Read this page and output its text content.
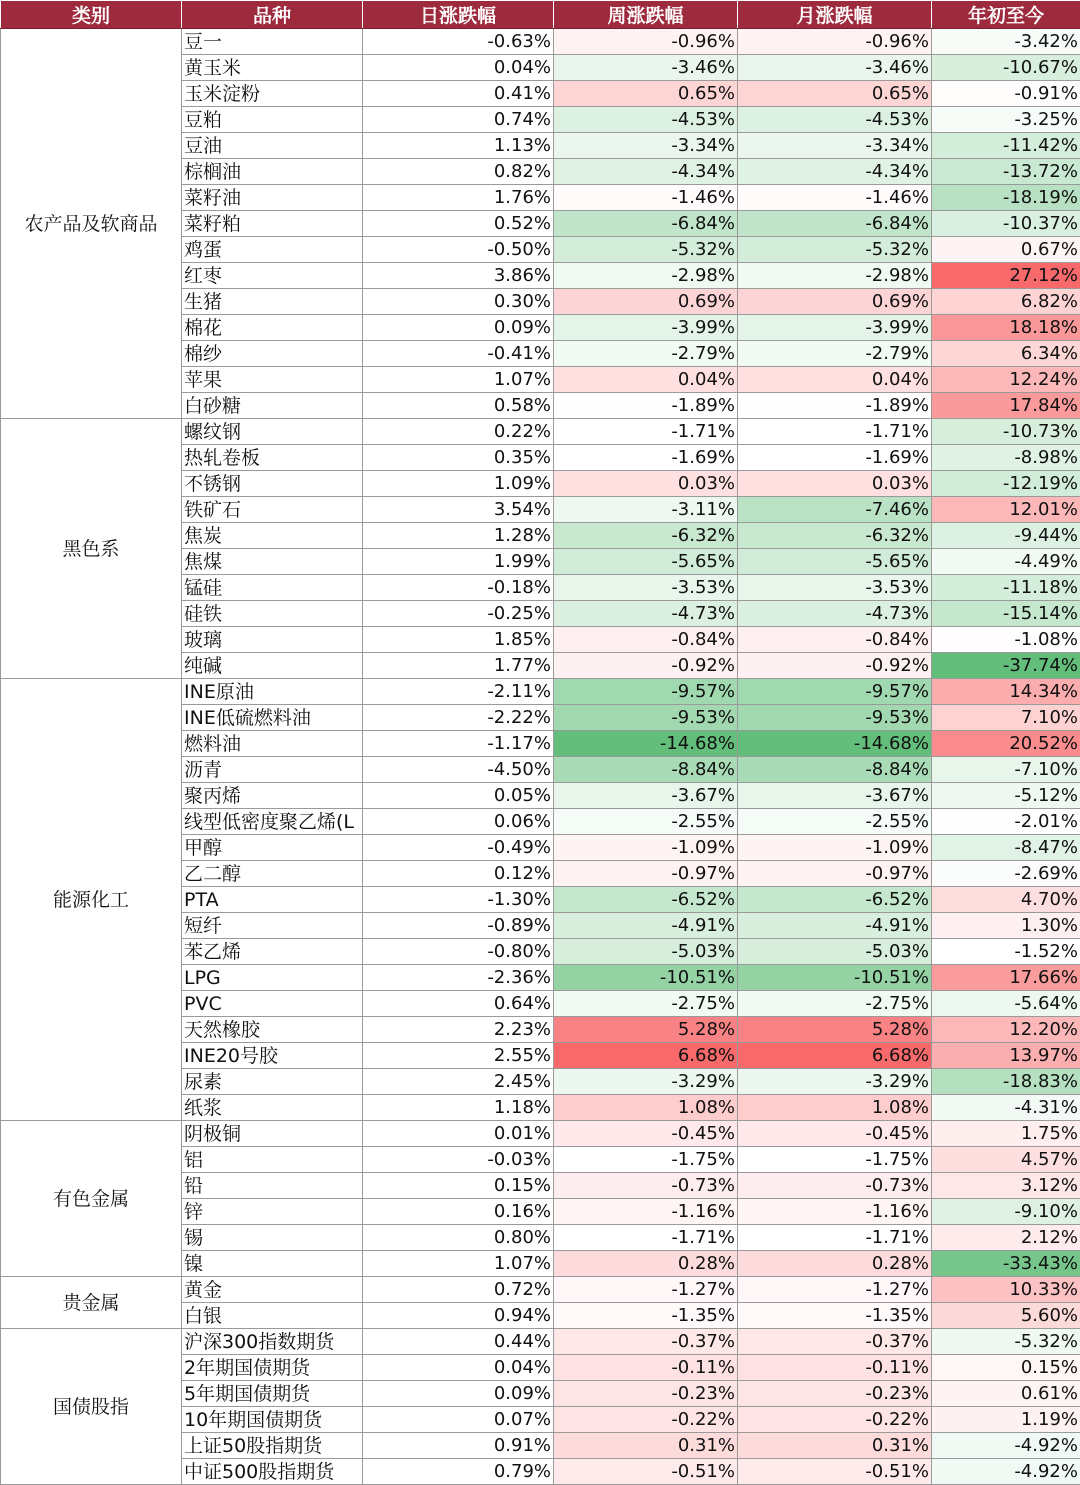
类别	品种	日涨跌幅	周涨跌幅	月涨跌幅	年初至今
农产品及软商品	豆一	-0.63%	-0.96%	-0.96%	-3.42%
	黄玉米	0.04%	-3.46%	-3.46%	-10.67%
	玉米淀粉	0.41%	0.65%	0.65%	-0.91%
	豆粕	0.74%	-4.53%	-4.53%	-3.25%
	豆油	1.13%	-3.34%	-3.34%	-11.42%
	棕榈油	0.82%	-4.34%	-4.34%	-13.72%
	菜籽油	1.76%	-1.46%	-1.46%	-18.19%
	菜籽粕	0.52%	-6.84%	-6.84%	-10.37%
	鸡蛋	-0.50%	-5.32%	-5.32%	0.67%
	红枣	3.86%	-2.98%	-2.98%	27.12%
	生猪	0.30%	0.69%	0.69%	6.82%
	棉花	0.09%	-3.99%	-3.99%	18.18%
	棉纱	-0.41%	-2.79%	-2.79%	6.34%
	苹果	1.07%	0.04%	0.04%	12.24%
	白砂糖	0.58%	-1.89%	-1.89%	17.84%
黑色系	螺纹钢	0.22%	-1.71%	-1.71%	-10.73%
	热轧卷板	0.35%	-1.69%	-1.69%	-8.98%
	不锈钢	1.09%	0.03%	0.03%	-12.19%
	铁矿石	3.54%	-3.11%	-7.46%	12.01%
	焦炭	1.28%	-6.32%	-6.32%	-9.44%
	焦煤	1.99%	-5.65%	-5.65%	-4.49%
	锰硅	-0.18%	-3.53%	-3.53%	-11.18%
	硅铁	-0.25%	-4.73%	-4.73%	-15.14%
	玻璃	1.85%	-0.84%	-0.84%	-1.08%
	纯碱	1.77%	-0.92%	-0.92%	-37.74%
能源化工	INE原油	-2.11%	-9.57%	-9.57%	14.34%
	INE低硫燃料油	-2.22%	-9.53%	-9.53%	7.10%
	燃料油	-1.17%	-14.68%	-14.68%	20.52%
	沥青	-4.50%	-8.84%	-8.84%	-7.10%
	聚丙烯	0.05%	-3.67%	-3.67%	-5.12%
	线型低密度聚乙烯(L	0.06%	-2.55%	-2.55%	-2.01%
	甲醇	-0.49%	-1.09%	-1.09%	-8.47%
	乙二醇	0.12%	-0.97%	-0.97%	-2.69%
	PTA	-1.30%	-6.52%	-6.52%	4.70%
	短纤	-0.89%	-4.91%	-4.91%	1.30%
	苯乙烯	-0.80%	-5.03%	-5.03%	-1.52%
	LPG	-2.36%	-10.51%	-10.51%	17.66%
	PVC	0.64%	-2.75%	-2.75%	-5.64%
	天然橡胶	2.23%	5.28%	5.28%	12.20%
	INE20号胶	2.55%	6.68%	6.68%	13.97%
	尿素	2.45%	-3.29%	-3.29%	-18.83%
	纸浆	1.18%	1.08%	1.08%	-4.31%
有色金属	阴极铜	0.01%	-0.45%	-0.45%	1.75%
	铝	-0.03%	-1.75%	-1.75%	4.57%
	铅	0.15%	-0.73%	-0.73%	3.12%
	锌	0.16%	-1.16%	-1.16%	-9.10%
	锡	0.80%	-1.71%	-1.71%	2.12%
	镍	1.07%	0.28%	0.28%	-33.43%
贵金属	黄金	0.72%	-1.27%	-1.27%	10.33%
	白银	0.94%	-1.35%	-1.35%	5.60%
国债股指	沪深300指数期货	0.44%	-0.37%	-0.37%	-5.32%
	2年期国债期货	0.04%	-0.11%	-0.11%	0.15%
	5年期国债期货	0.09%	-0.23%	-0.23%	0.61%
	10年期国债期货	0.07%	-0.22%	-0.22%	1.19%
	上证50股指期货	0.91%	0.31%	0.31%	-4.92%
	中证500股指期货	0.79%	-0.51%	-0.51%	-4.92%
